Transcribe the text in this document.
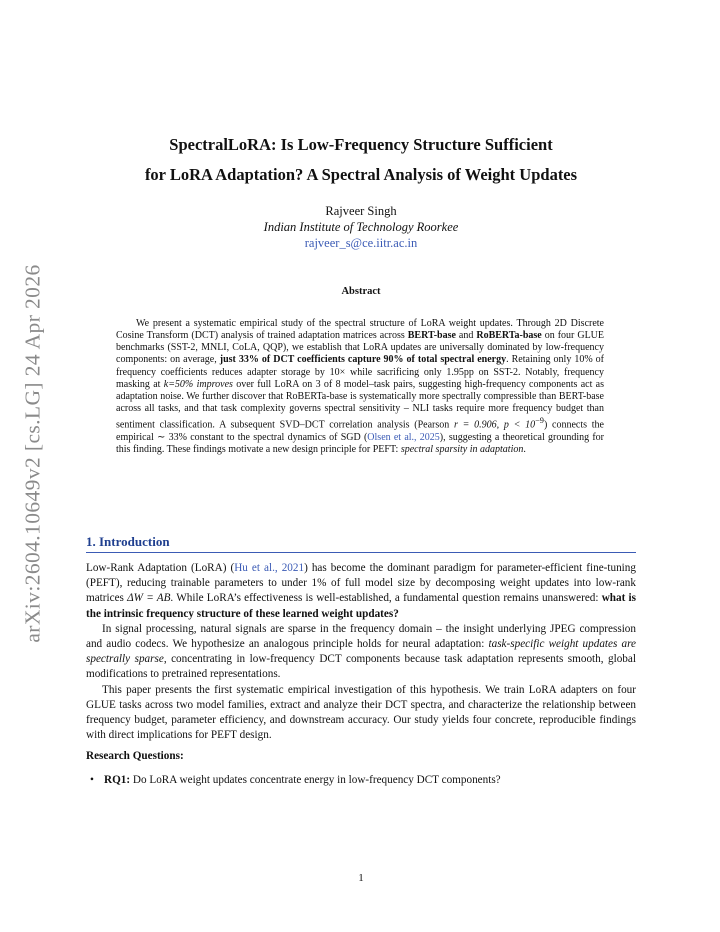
arXiv:2604.10649v2 [cs.LG] 24 Apr 2026
SpectralLoRA: Is Low-Frequency Structure Sufficient
for LoRA Adaptation? A Spectral Analysis of Weight Updates
Rajveer Singh
Indian Institute of Technology Roorkee
rajveer_s@ce.iitr.ac.in
Abstract

We present a systematic empirical study of the spectral structure of LoRA weight updates. Through 2D Discrete Cosine Transform (DCT) analysis of trained adaptation matrices across BERT-base and RoBERTa-base on four GLUE benchmarks (SST-2, MNLI, CoLA, QQP), we establish that LoRA updates are universally dominated by low-frequency components: on average, just 33% of DCT coefficients capture 90% of total spectral energy. Retaining only 10% of frequency coefficients reduces adapter storage by 10× while sacrificing only 1.95pp on SST-2. Notably, frequency masking at k=50% improves over full LoRA on 3 of 8 model–task pairs, suggesting high-frequency components act as adaptation noise. We further discover that RoBERTa-base is systematically more spectrally compressible than BERT-base across all tasks, and that task complexity governs spectral sensitivity – NLI tasks require more frequency budget than sentiment classification. A subsequent SVD–DCT correlation analysis (Pearson r = 0.906, $p < 10^{-9}$) connects the empirical ∼ 33% constant to the spectral dynamics of SGD (Olsen et al., 2025), suggesting a theoretical grounding for this finding. These findings motivate a new design principle for PEFT: spectral sparsity in adaptation.

1. Introduction

Low-Rank Adaptation (LoRA) (Hu et al., 2021) has become the dominant paradigm for parameter-efficient fine-tuning (PEFT), reducing trainable parameters to under 1% of full model size by decomposing weight updates into low-rank matrices ΔW = AB. While LoRA’s effectiveness is well-established, a fundamental question remains unanswered: what is the intrinsic frequency structure of these learned weight updates?

In signal processing, natural signals are sparse in the frequency domain – the insight underlying JPEG compression and audio codecs. We hypothesize an analogous principle holds for neural adaptation: task-specific weight updates are spectrally sparse, concentrating in low-frequency DCT components because task adaptation represents smooth, global modifications to pretrained representations.

This paper presents the first systematic empirical investigation of this hypothesis. We train LoRA adapters on four GLUE tasks across two model families, extract and analyze their DCT spectra, and characterize the relationship between frequency budget, parameter efficiency, and downstream accuracy. Our study yields four concrete, reproducible findings with direct implications for PEFT design.

Research Questions:

• RQ1: Do LoRA weight updates concentrate energy in low-frequency DCT components?
1
